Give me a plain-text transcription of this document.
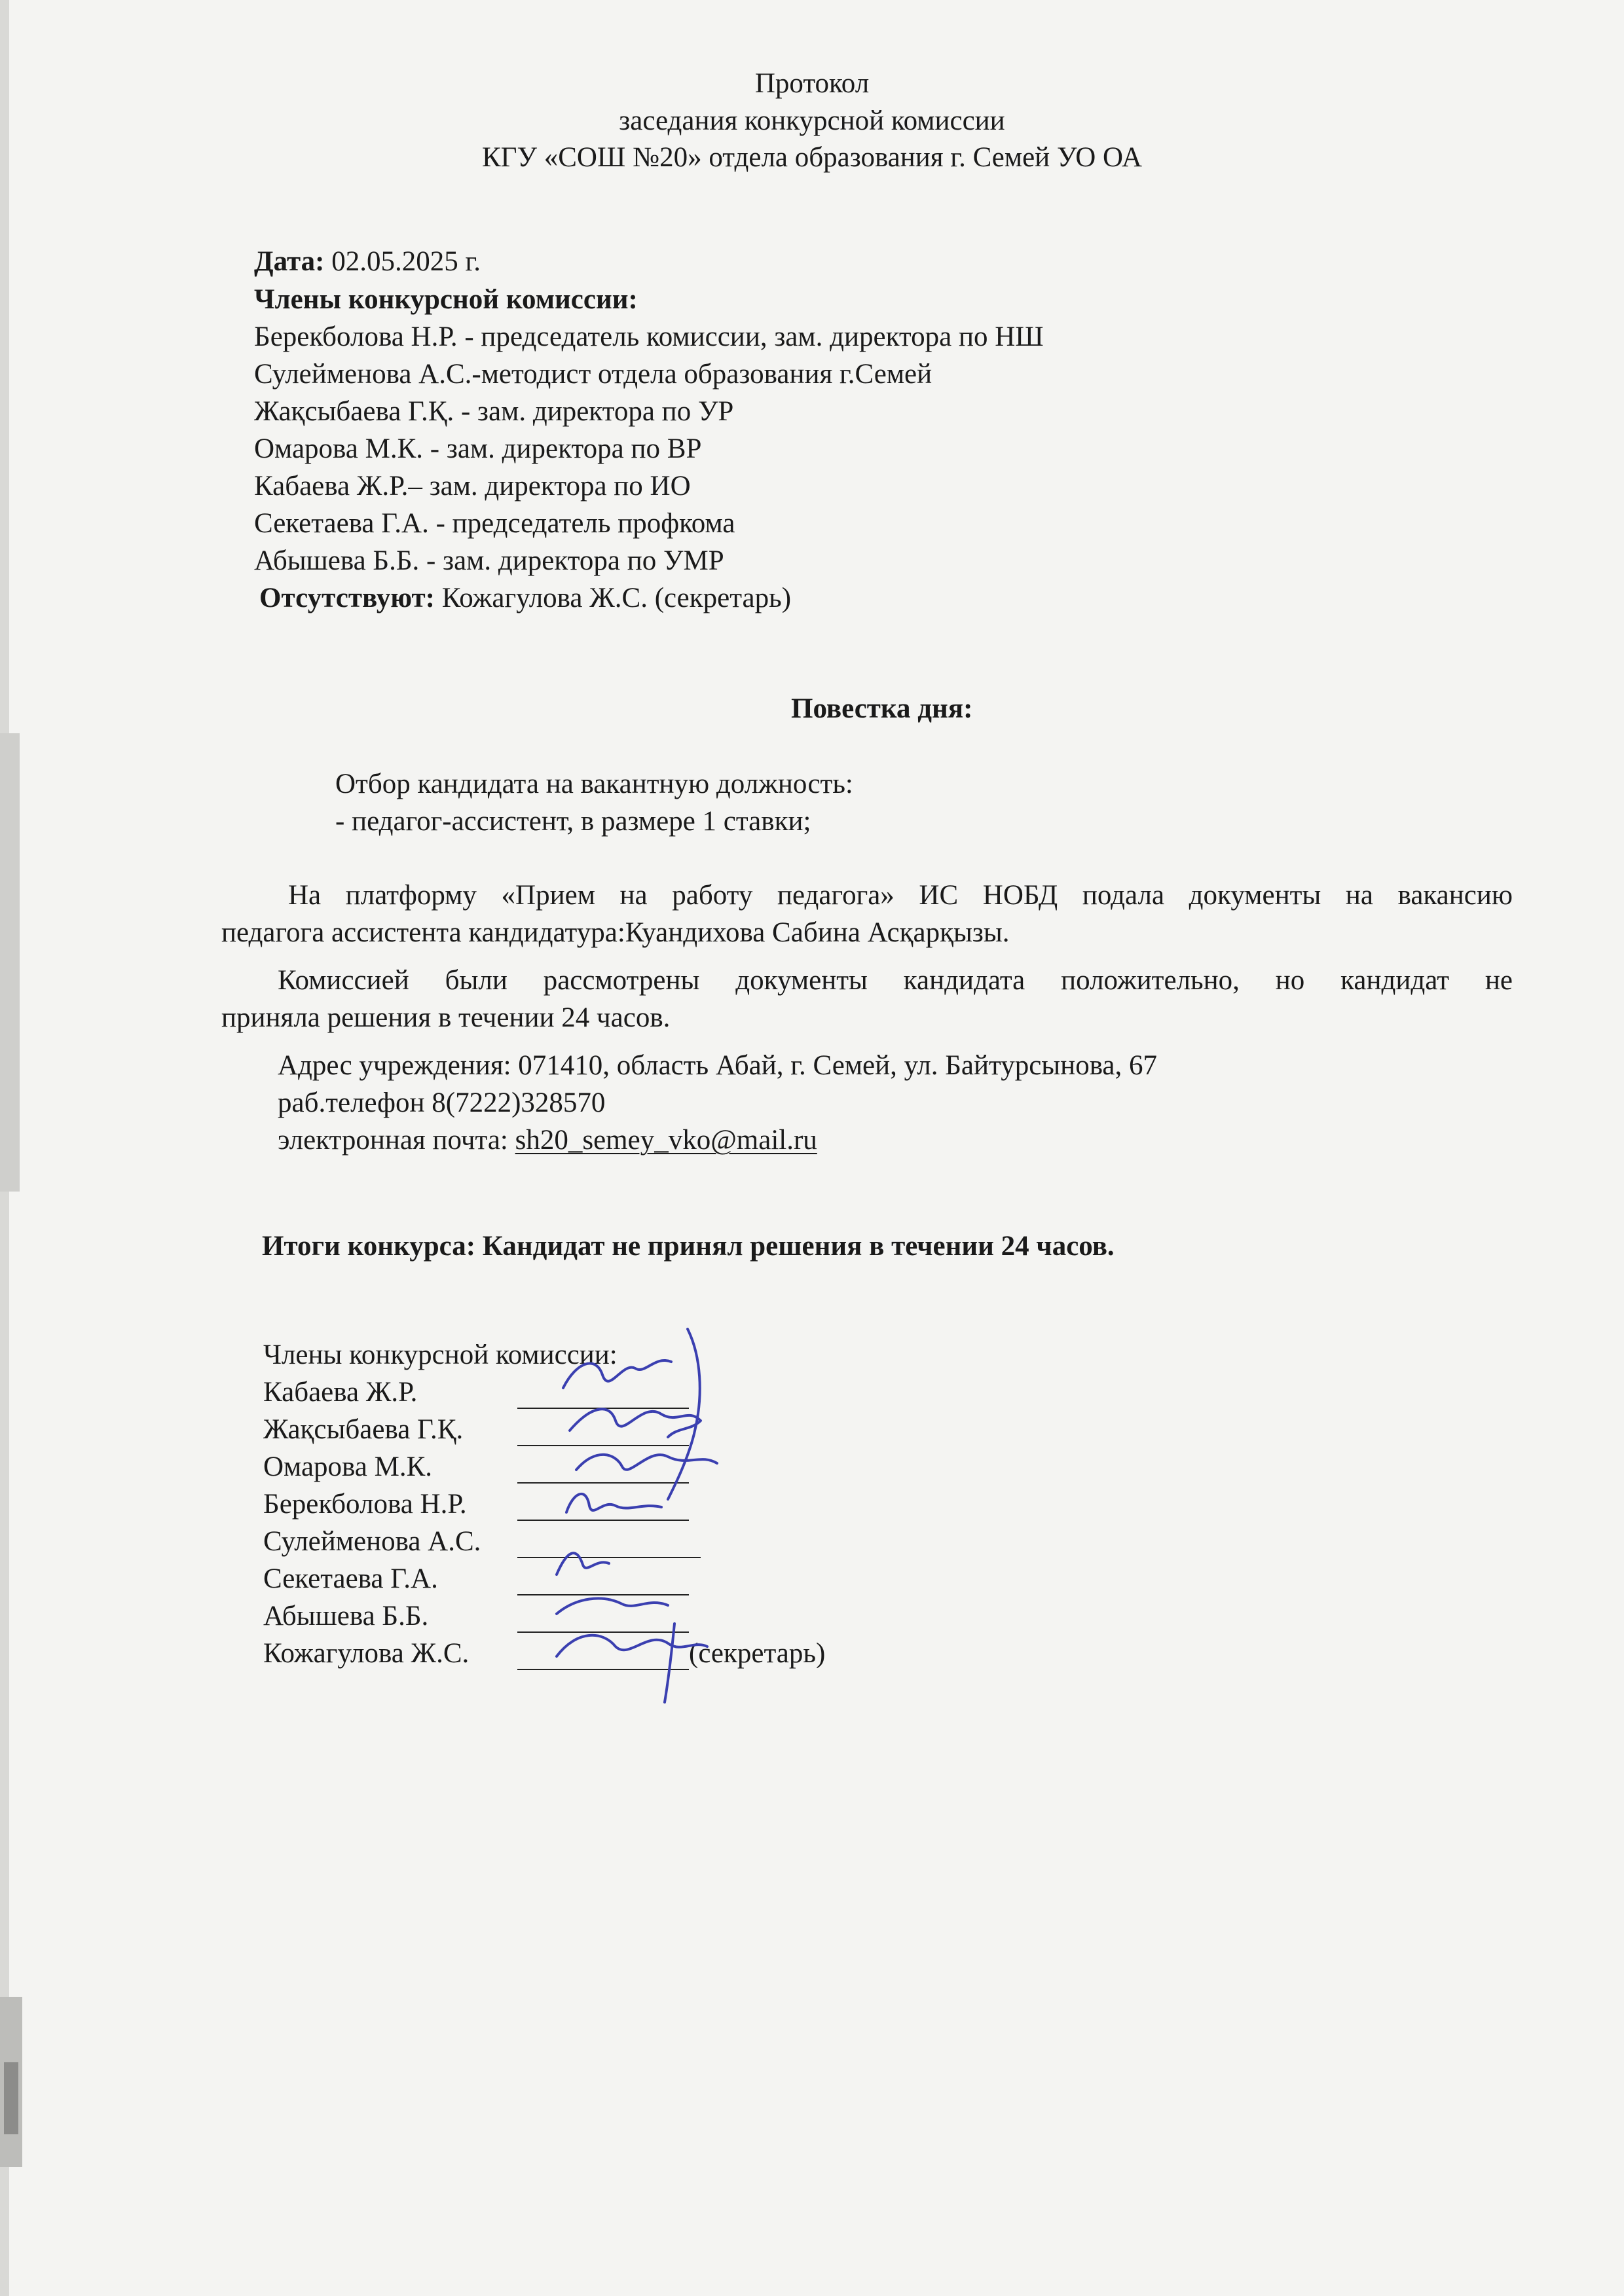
Протокол
заседания конкурсной комиссии
КГУ «СОШ №20» отдела образования г. Семей УО ОА
Дата: 02.05.2025 г.
Члены конкурсной комиссии:
Берекболова Н.Р. - председатель комиссии, зам. директора по НШ
Сулейменова А.С.-методист отдела образования г.Семей
Жақсыбаева Г.Қ. - зам. директора по УР
Омарова М.К. - зам. директора по ВР
Кабаева Ж.Р.– зам. директора по ИО
Секетаева Г.А. - председатель профкома
Абышева Б.Б. - зам. директора по УМР
Отсутствуют: Кожагулова Ж.С. (секретарь)
Повестка дня:
Отбор кандидата на вакантную должность:
- педагог-ассистент, в размере 1 ставки;
На платформу «Прием на работу педагога» ИС НОБД подала документы на вакансию
педагога ассистента кандидатура:Куандихова Сабина Асқарқызы.
Комиссией были рассмотрены документы кандидата положительно, но кандидат не
приняла решения в течении 24 часов.
Адрес учреждения: 071410, область Абай, г. Семей, ул. Байтурсынова, 67
раб.телефон 8(7222)328570
электронная почта: sh20_semey_vko@mail.ru
Итоги конкурса: Кандидат не принял решения в течении 24 часов.
Члены конкурсной комиссии:
Кабаева Ж.Р.
Жақсыбаева Г.Қ.
Омарова М.К.
Берекболова Н.Р.
Сулейменова А.С.
Секетаева Г.А.
Абышева Б.Б.
Кожагулова Ж.С.	(секретарь)
